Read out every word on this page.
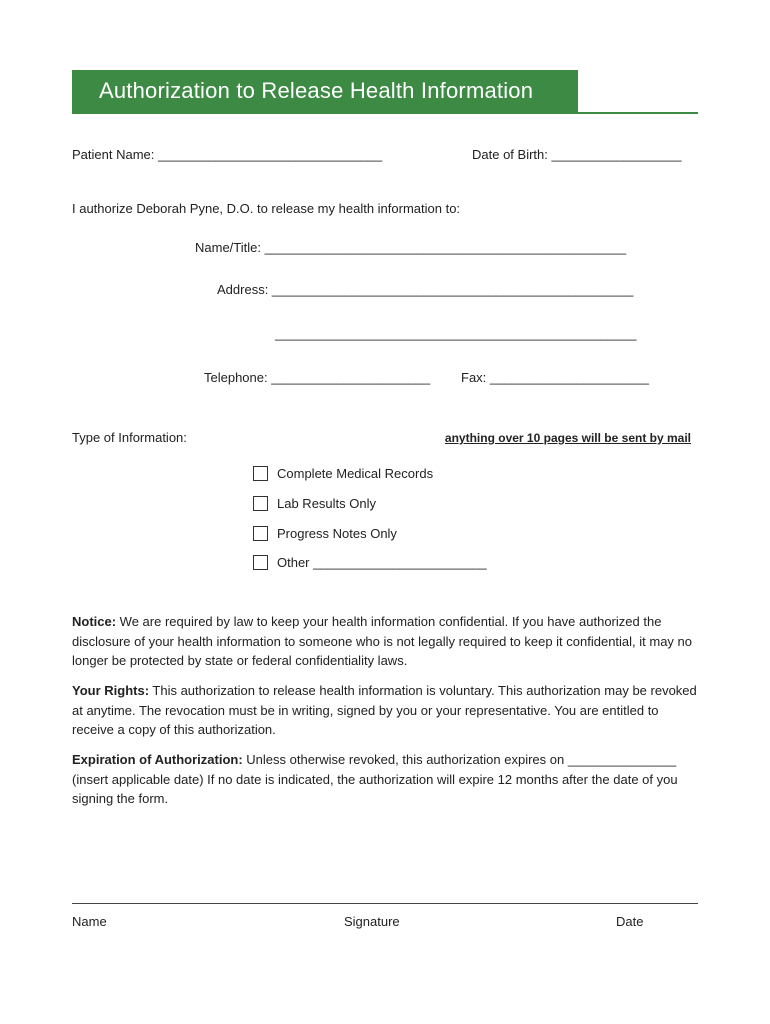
Authorization to Release Health Information
Patient Name: _______________________________	Date of Birth: __________________
I authorize Deborah Pyne, D.O. to release my health information to:
Name/Title: __________________________________________________
Address: __________________________________________________
__________________________________________________
Telephone: ______________________ Fax: ______________________
Type of Information:	anything over 10 pages will be sent by mail
Complete Medical Records
Lab Results Only
Progress Notes Only
Other ________________________
Notice: We are required by law to keep your health information confidential. If you have authorized the disclosure of your health information to someone who is not legally required to keep it confidential, it may no longer be protected by state or federal confidentiality laws.
Your Rights: This authorization to release health information is voluntary. This authorization may be revoked at anytime. The revocation must be in writing, signed by you or your representative. You are entitled to receive a copy of this authorization.
Expiration of Authorization: Unless otherwise revoked, this authorization expires on _______________ (insert applicable date) If no date is indicated, the authorization will expire 12 months after the date of you signing the form.
Name	Signature	Date
